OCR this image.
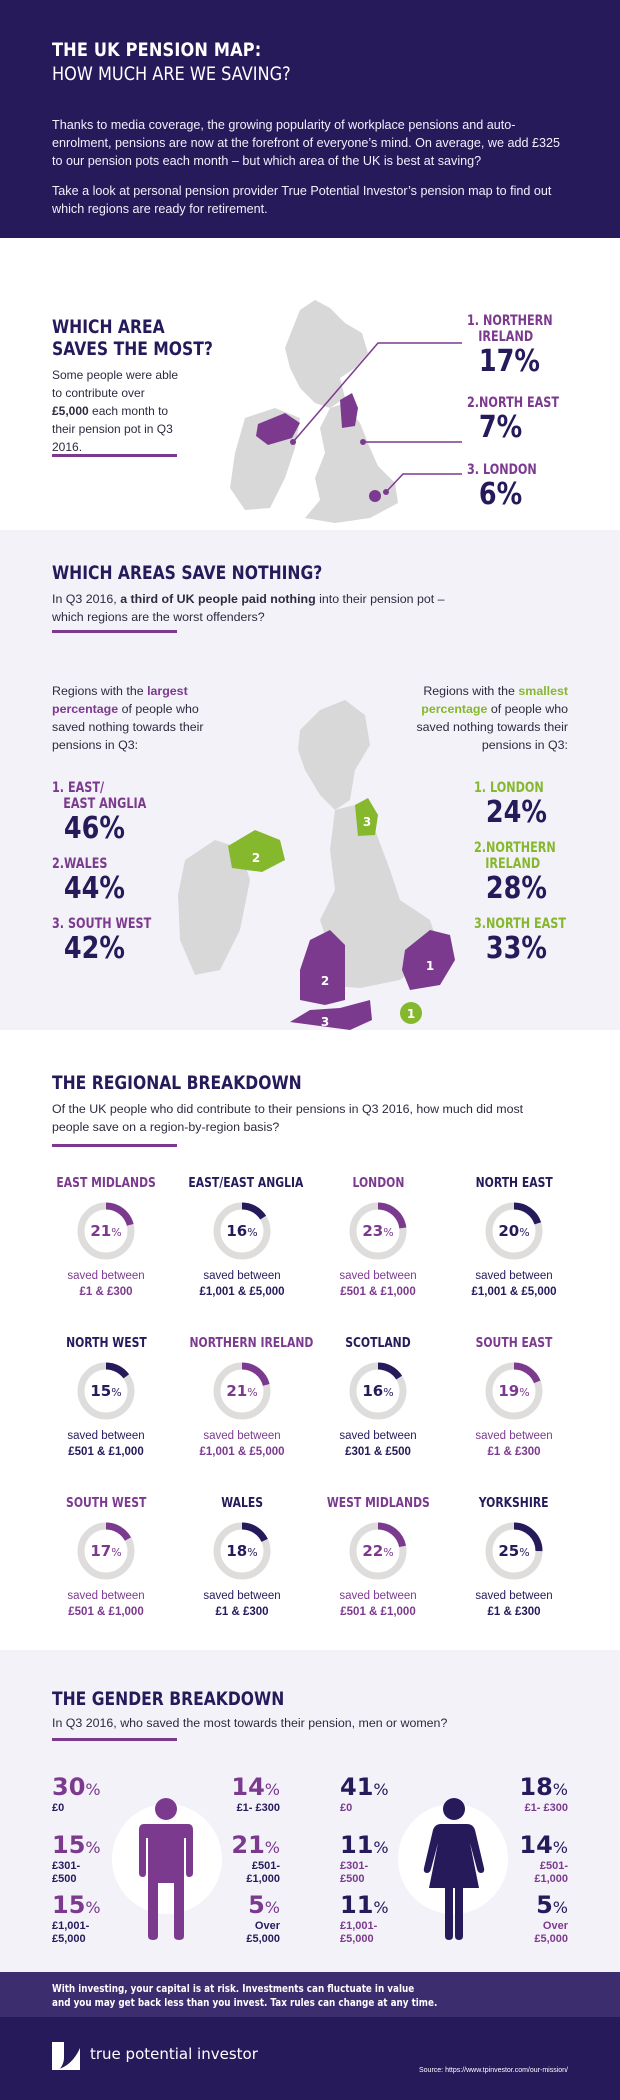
THE UK PENSION MAP:
HOW MUCH ARE WE SAVING?

Thanks to media coverage, the growing popularity of workplace pensions and auto-enrolment, pensions are now at the forefront of everyone’s mind. On average, we add £325 to our pension pots each month – but which area of the UK is best at saving?

Take a look at personal pension provider True Potential Investor’s pension map to find out which regions are ready for retirement.

WHICH AREA
SAVES THE MOST?

Some people were able to contribute over £5,000 each month to their pension pot in Q3 2016.

1. NORTHERN
IRELAND
17%
2.NORTH EAST
7%
3. LONDON
6%
WHICH AREAS SAVE NOTHING?

In Q3 2016, a third of UK people paid nothing into their pension pot – which regions are the worst offenders?

Regions with the largest percentage of people who saved nothing towards their pensions in Q3:

Regions with the smallest percentage of people who saved nothing towards their pensions in Q3:

2
3
2
3
1
1
1. EAST/
EAST ANGLIA
46%
2.WALES
44%
3. SOUTH WEST
42%
1. LONDON
24%
2.NORTHERN
IRELAND
28%
3.NORTH EAST
33%
THE REGIONAL BREAKDOWN

Of the UK people who did contribute to their pensions in Q3 2016, how much did most people save on a region-by-region basis?

EAST MIDLANDS
21%
saved between
£1 & £300
EAST/EAST ANGLIA
16%
saved between
£1,001 & £5,000
LONDON
23%
saved between
£501 & £1,000
NORTH EAST
20%
saved between
£1,001 & £5,000
NORTH WEST
15%
saved between
£501 & £1,000
NORTHERN IRELAND
21%
saved between
£1,001 & £5,000
SCOTLAND
16%
saved between
£301 & £500
SOUTH EAST
19%
saved between
£1 & £300
SOUTH WEST
17%
saved between
£501 & £1,000
WALES
18%
saved between
£1 & £300
WEST MIDLANDS
22%
saved between
£501 & £1,000
YORKSHIRE
25%
saved between
£1 & £300
THE GENDER BREAKDOWN

In Q3 2016, who saved the most towards their pension, men or women?

30%
£0
15%
£301-
£500
15%
£1,001-
£5,000
14%
£1- £300
21%
£501-
£1,000
5%
Over
£5,000
41%
£0
11%
£301-
£500
11%
£1,001-
£5,000
18%
£1- £300
14%
£501-
£1,000
5%
Over
£5,000
With investing, your capital is at risk. Investments can fluctuate in value
and you may get back less than you invest. Tax rules can change at any time.
true potential investor
Source: https://www.tpinvestor.com/our-mission/
